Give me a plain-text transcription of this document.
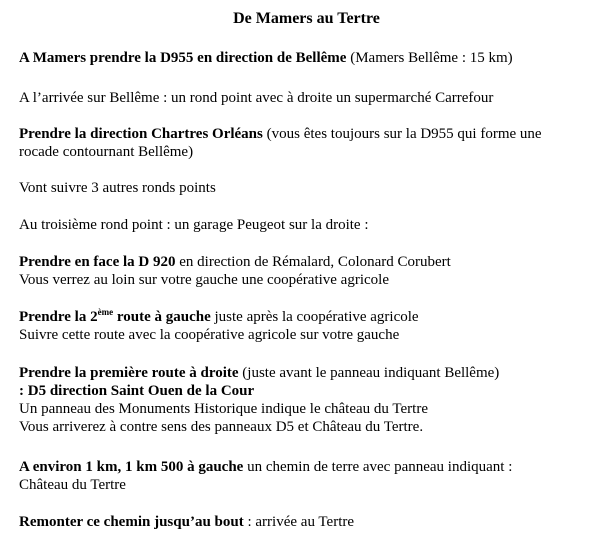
De Mamers au Tertre
A Mamers prendre la D955 en direction de Bellême (Mamers Bellême : 15 km)
A l’arrivée sur Bellême : un rond point avec à droite un supermarché Carrefour
Prendre la direction Chartres Orléans (vous êtes toujours sur la D955 qui forme une
rocade contournant Bellême)
Vont suivre 3 autres ronds points
Au troisième rond point : un garage Peugeot sur la droite :
Prendre en face la D 920 en direction de Rémalard, Colonard Corubert
Vous verrez au loin sur votre gauche une coopérative agricole
Prendre la 2ème route à gauche juste après la coopérative agricole
Suivre cette route avec la coopérative agricole sur votre gauche
Prendre la première route à droite (juste avant le panneau indiquant Bellême)
: D5 direction Saint Ouen de la Cour
Un panneau des Monuments Historique indique le château du Tertre
Vous arriverez à contre sens des panneaux D5 et Château du Tertre.
A environ 1 km, 1 km 500 à gauche un chemin de terre avec panneau indiquant :
Château du Tertre
Remonter ce chemin jusqu’au bout : arrivée au Tertre
